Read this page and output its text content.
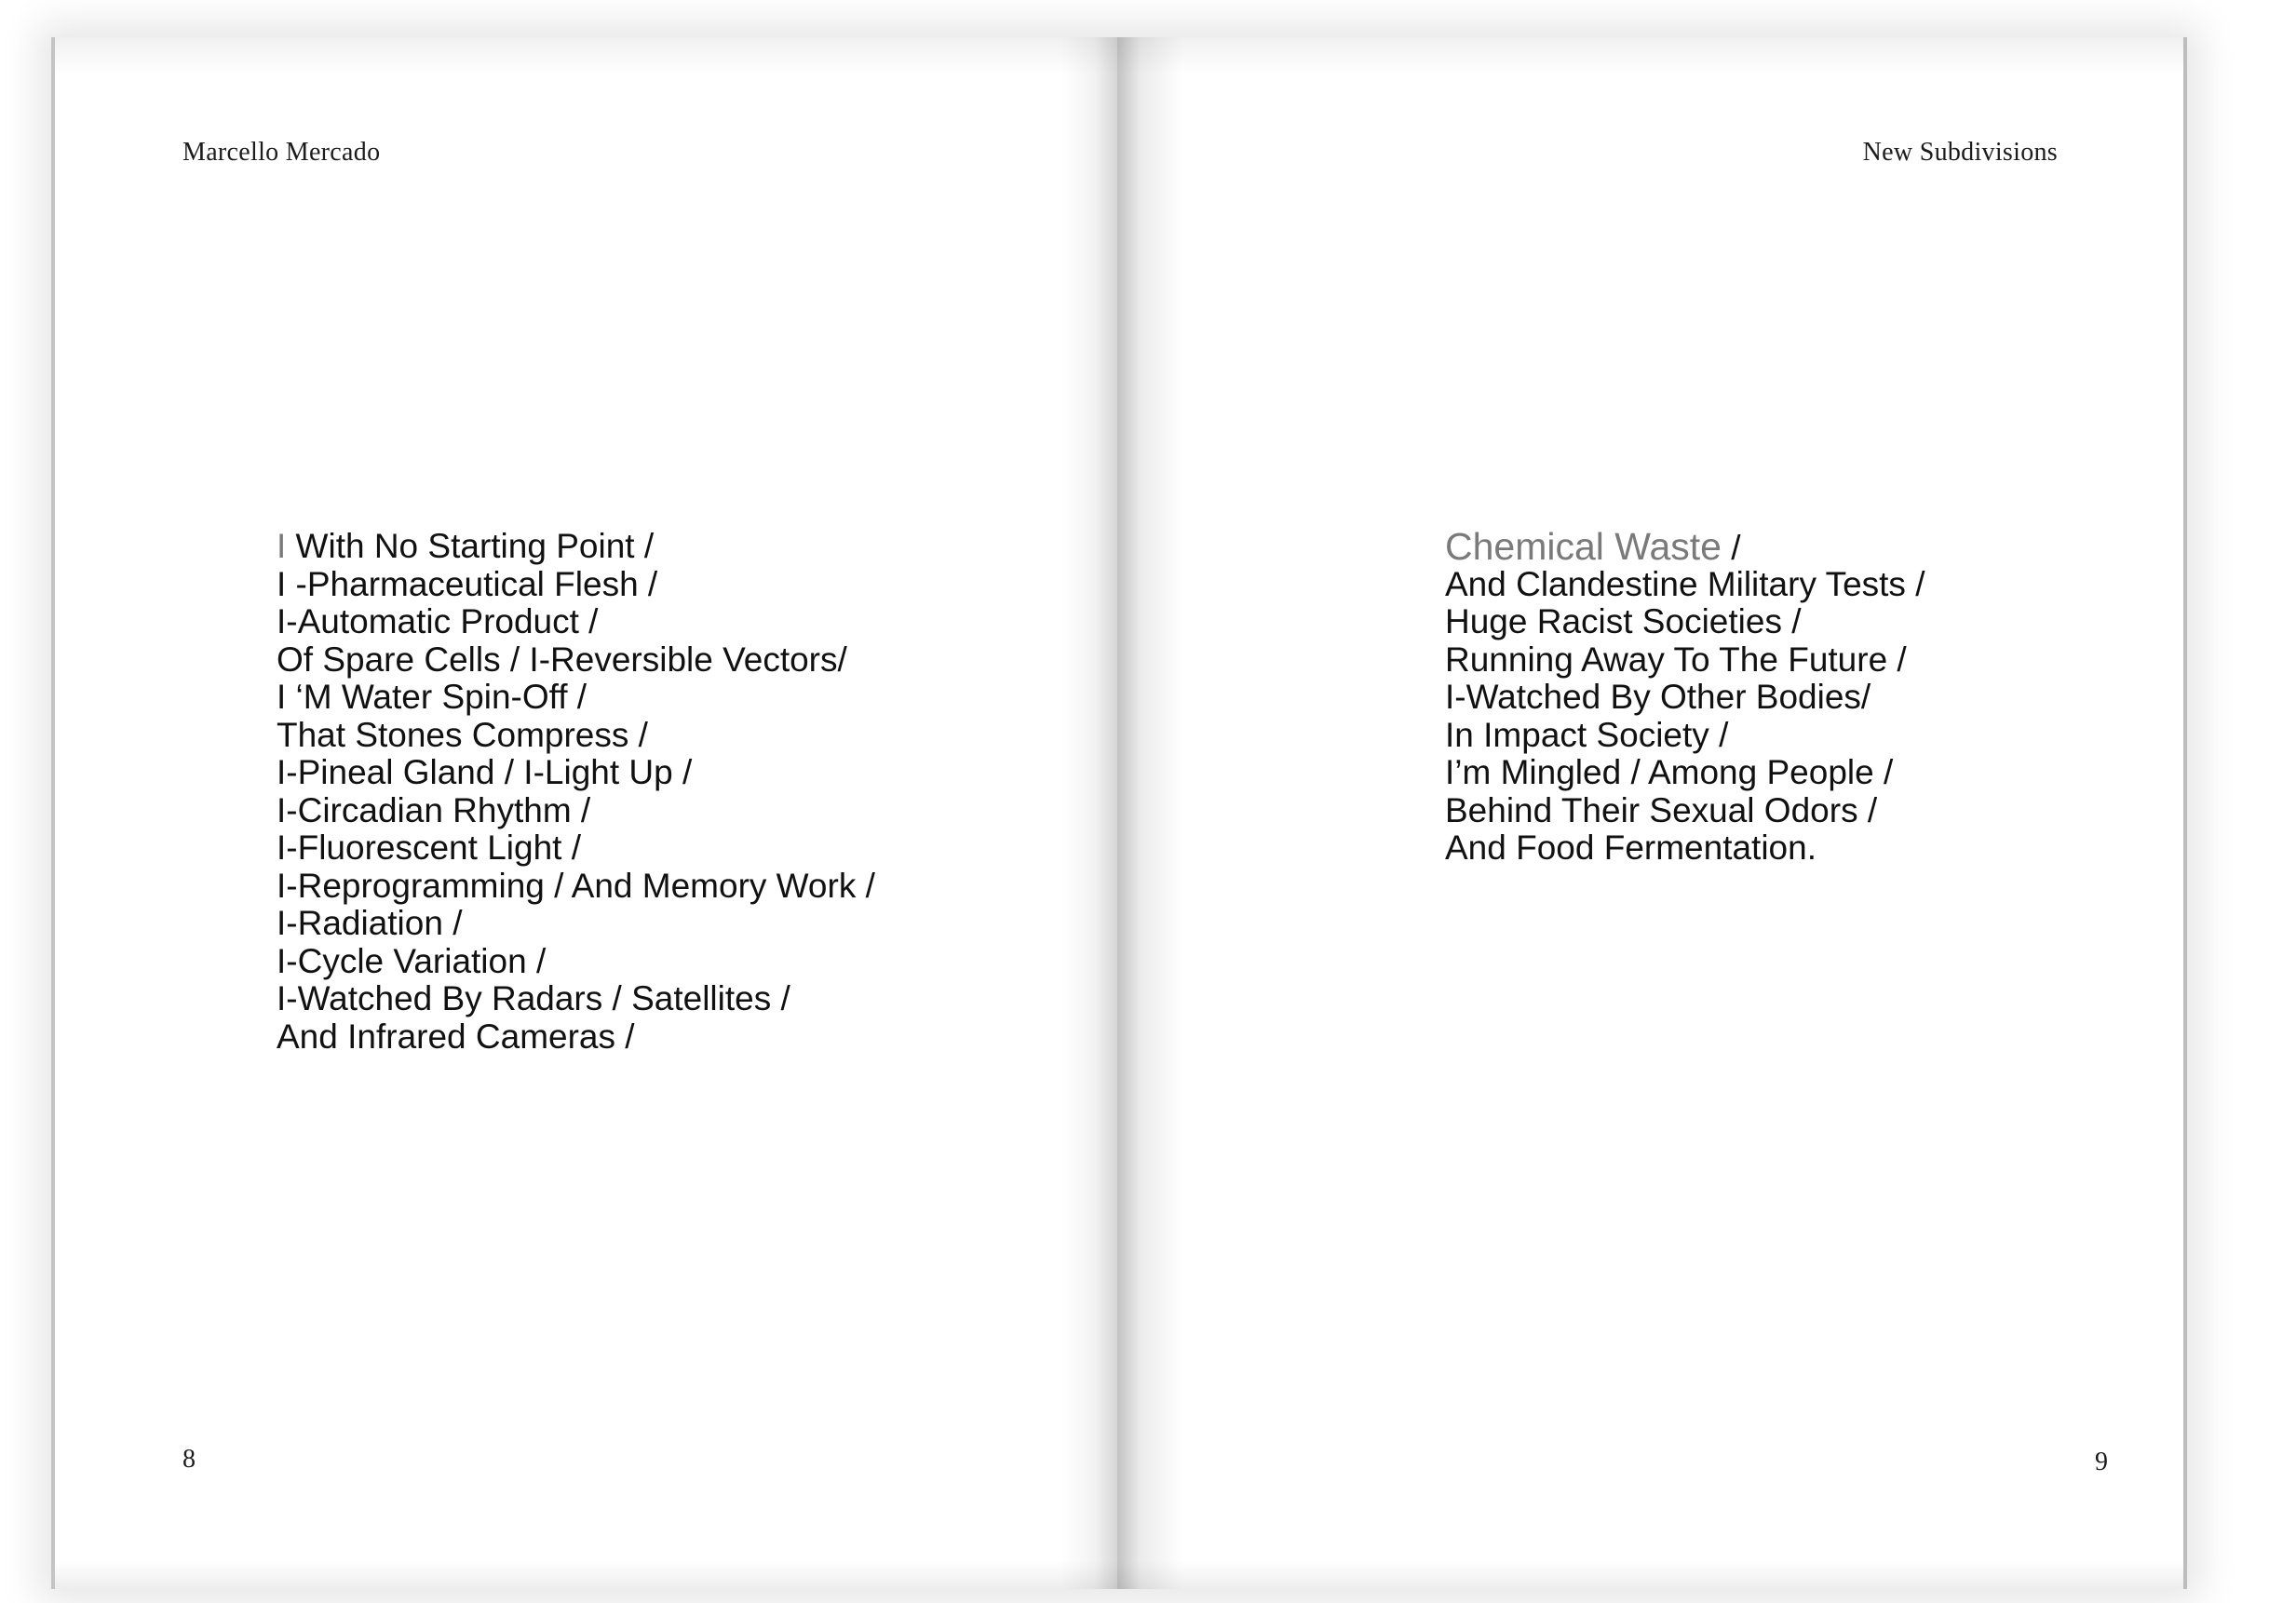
Marcello Mercado
I With No Starting Point /
I -Pharmaceutical Flesh /
I-Automatic Product /
Of Spare Cells / I-Reversible Vectors/
I ‘M Water Spin-Off /
That Stones Compress /
I-Pineal Gland / I-Light Up /
I-Circadian Rhythm /
I-Fluorescent Light /
I-Reprogramming / And Memory Work /
I-Radiation /
I-Cycle Variation /
I-Watched By Radars / Satellites /
And Infrared Cameras /
8
New Subdivisions
Chemical Waste /
And Clandestine Military Tests /
Huge Racist Societies /
Running Away To The Future /
I-Watched By Other Bodies/
In Impact Society /
I’m Mingled / Among People /
Behind Their Sexual Odors /
And Food Fermentation.
9
